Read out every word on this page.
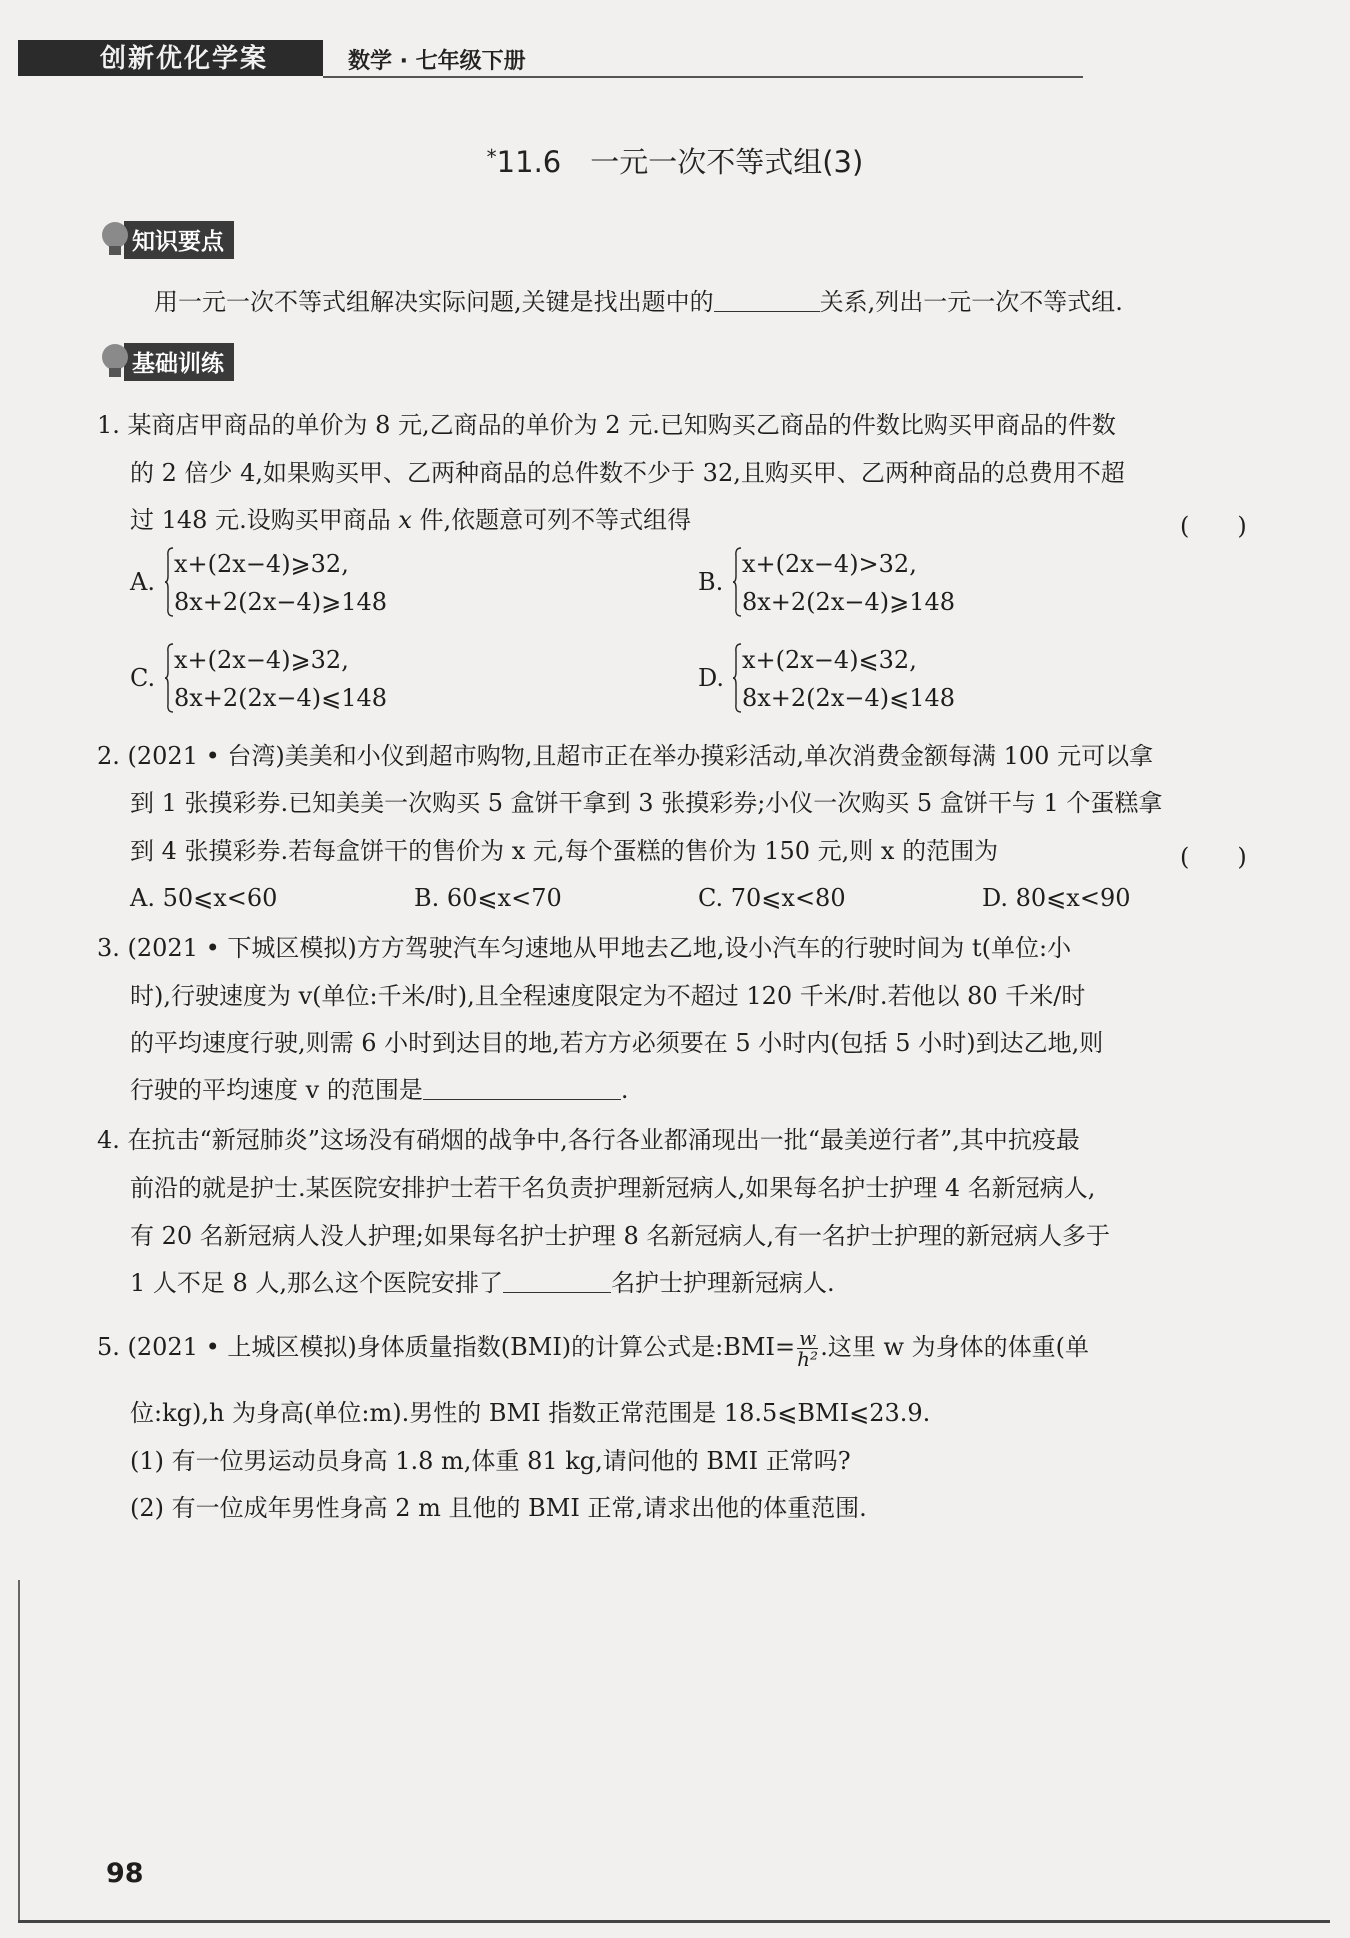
创新优化学案	数学 · 七年级下册
*11.6　一元一次不等式组(3)
知识要点
用一元一次不等式组解决实际问题,关键是找出题中的	关系,列出一元一次不等式组.
基础训练
1. 某商店甲商品的单价为 8 元,乙商品的单价为 2 元.已知购买乙商品的件数比购买甲商品的件数
的 2 倍少 4,如果购买甲、乙两种商品的总件数不少于 32,且购买甲、乙两种商品的总费用不超
过 148 元.设购买甲商品 x 件,依题意可列不等式组得	(　　)
A.
x+(2x−4)⩾32,
8x+2(2x−4)⩾148
B.
x+(2x−4)>32,
8x+2(2x−4)⩾148
C.
x+(2x−4)⩾32,
8x+2(2x−4)⩽148
D.
x+(2x−4)⩽32,
8x+2(2x−4)⩽148
2. (2021 • 台湾)美美和小仪到超市购物,且超市正在举办摸彩活动,单次消费金额每满 100 元可以拿
到 1 张摸彩券.已知美美一次购买 5 盒饼干拿到 3 张摸彩券;小仪一次购买 5 盒饼干与 1 个蛋糕拿
到 4 张摸彩券.若每盒饼干的售价为 x 元,每个蛋糕的售价为 150 元,则 x 的范围为	(　　)
A. 50⩽x<60	B. 60⩽x<70	C. 70⩽x<80	D. 80⩽x<90
3. (2021 • 下城区模拟)方方驾驶汽车匀速地从甲地去乙地,设小汽车的行驶时间为 t(单位:小
时),行驶速度为 v(单位:千米/时),且全程速度限定为不超过 120 千米/时.若他以 80 千米/时
的平均速度行驶,则需 6 小时到达目的地,若方方必须要在 5 小时内(包括 5 小时)到达乙地,则
行驶的平均速度 v 的范围是	.
4. 在抗击“新冠肺炎”这场没有硝烟的战争中,各行各业都涌现出一批“最美逆行者”,其中抗疫最
前沿的就是护士.某医院安排护士若干名负责护理新冠病人,如果每名护士护理 4 名新冠病人,
有 20 名新冠病人没人护理;如果每名护士护理 8 名新冠病人,有一名护士护理的新冠病人多于
1 人不足 8 人,那么这个医院安排了	名护士护理新冠病人.
5. (2021 • 上城区模拟)身体质量指数(BMI)的计算公式是:BMI= $\frac{w}{\text{h²}}$ .这里 w 为身体的体重(单
位:kg),h 为身高(单位:m).男性的 BMI 指数正常范围是 18.5⩽BMI⩽23.9.
(1) 有一位男运动员身高 1.8 m,体重 81 kg,请问他的 BMI 正常吗?
(2) 有一位成年男性身高 2 m 且他的 BMI 正常,请求出他的体重范围.
98
